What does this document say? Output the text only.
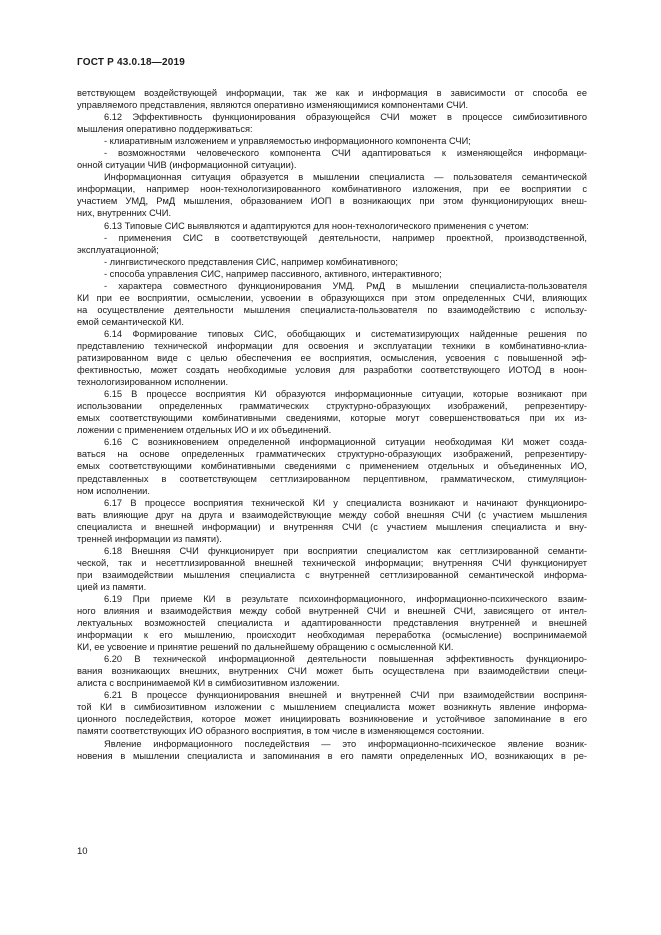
ГОСТ Р 43.0.18—2019
ветствующем воздействующей информации, так же как и информация в зависимости от способа ее
управляемого представления, являются оперативно изменяющимися компонентами СЧИ.
6.12 Эффективность функционирования образующейся СЧИ может в процессе симбиозитивного
мышления оперативно поддерживаться:
- клиаративным изложением и управляемостью информационного компонента СЧИ;
- возможностями человеческого компонента СЧИ адаптироваться к изменяющейся информаци-
онной ситуации ЧИВ (информационной ситуации).
Информационная ситуация образуется в мышлении специалиста — пользователя семантической
информации, например ноон-технологизированного комбинативного изложения, при ее восприятии с
участием УМД, РмД мышления, образованием ИОП в возникающих при этом функционирующих внеш-
них, внутренних СЧИ.
6.13 Типовые СИС выявляются и адаптируются для ноон-технологического применения с учетом:
- применения СИС в соответствующей деятельности, например проектной, производственной,
эксплуатационной;
- лингвистического представления СИС, например комбинативного;
- способа управления СИС, например пассивного, активного, интерактивного;
- характера совместного функционирования УМД. РмД в мышлении специалиста-пользователя
КИ при ее восприятии, осмыслении, усвоении в образующихся при этом определенных СЧИ, влияющих
на осуществление деятельности мышления специалиста-пользователя по взаимодействию с использу-
емой семантической КИ.
6.14 Формирование типовых СИС, обобщающих и систематизирующих найденные решения по
представлению технической информации для освоения и эксплуатации техники в комбинативно-клиа-
ратизированном виде с целью обеспечения ее восприятия, осмысления, усвоения с повышенной эф-
фективностью, может создать необходимые условия для разработки соответствующего ИОТОД в ноон-
технологизированном исполнении.
6.15 В процессе восприятия КИ образуются информационные ситуации, которые возникают при
использовании определенных грамматических структурно-образующих изображений, репрезентиру-
емых соответствующими комбинативными сведениями, которые могут совершенствоваться при их из-
ложении с применением отдельных ИО и их объединений.
6.16 С возникновением определенной информационной ситуации необходимая КИ может созда-
ваться на основе определенных грамматических структурно-образующих изображений, репрезентиру-
емых соответствующими комбинативными сведениями с применением отдельных и объединенных ИО,
представленных в соответствующем сеттлизированном перцептивном, грамматическом, стимуляцион-
ном исполнении.
6.17 В процессе восприятия технической КИ у специалиста возникают и начинают функциониро-
вать влияющие друг на друга и взаимодействующие между собой внешняя СЧИ (с участием мышления
специалиста и внешней информации) и внутренняя СЧИ (с участием мышления специалиста и вну-
тренней информации из памяти).
6.18 Внешняя СЧИ функционирует при восприятии специалистом как сеттлизированной семанти-
ческой, так и несеттлизированной внешней технической информации; внутренняя СЧИ функционирует
при взаимодействии мышления специалиста с внутренней сеттлизированной семантической информа-
цией из памяти.
6.19 При приеме КИ в результате психоинформационного, информационно-психического взаим-
ного влияния и взаимодействия между собой внутренней СЧИ и внешней СЧИ, зависящего от интел-
лектуальных возможностей специалиста и адаптированности представления внутренней и внешней
информации к его мышлению, происходит необходимая переработка (осмысление) воспринимаемой
КИ, ее усвоение и принятие решений по дальнейшему обращению с осмысленной КИ.
6.20 В технической информационной деятельности повышенная эффективность функциониро-
вания возникающих внешних, внутренних СЧИ может быть осуществлена при взаимодействии специ-
алиста с воспринимаемой КИ в симбиозитивном изложении.
6.21 В процессе функционирования внешней и внутренней СЧИ при взаимодействии восприня-
той КИ в симбиозитивном изложении с мышлением специалиста может возникнуть явление информа-
ционного последействия, которое может инициировать возникновение и устойчивое запоминание в его
памяти соответствующих ИО образного восприятия, в том числе в изменяющемся состоянии.
Явление информационного последействия — это информационно-психическое явление возник-
новения в мышлении специалиста и запоминания в его памяти определенных ИО, возникающих в ре-
10
